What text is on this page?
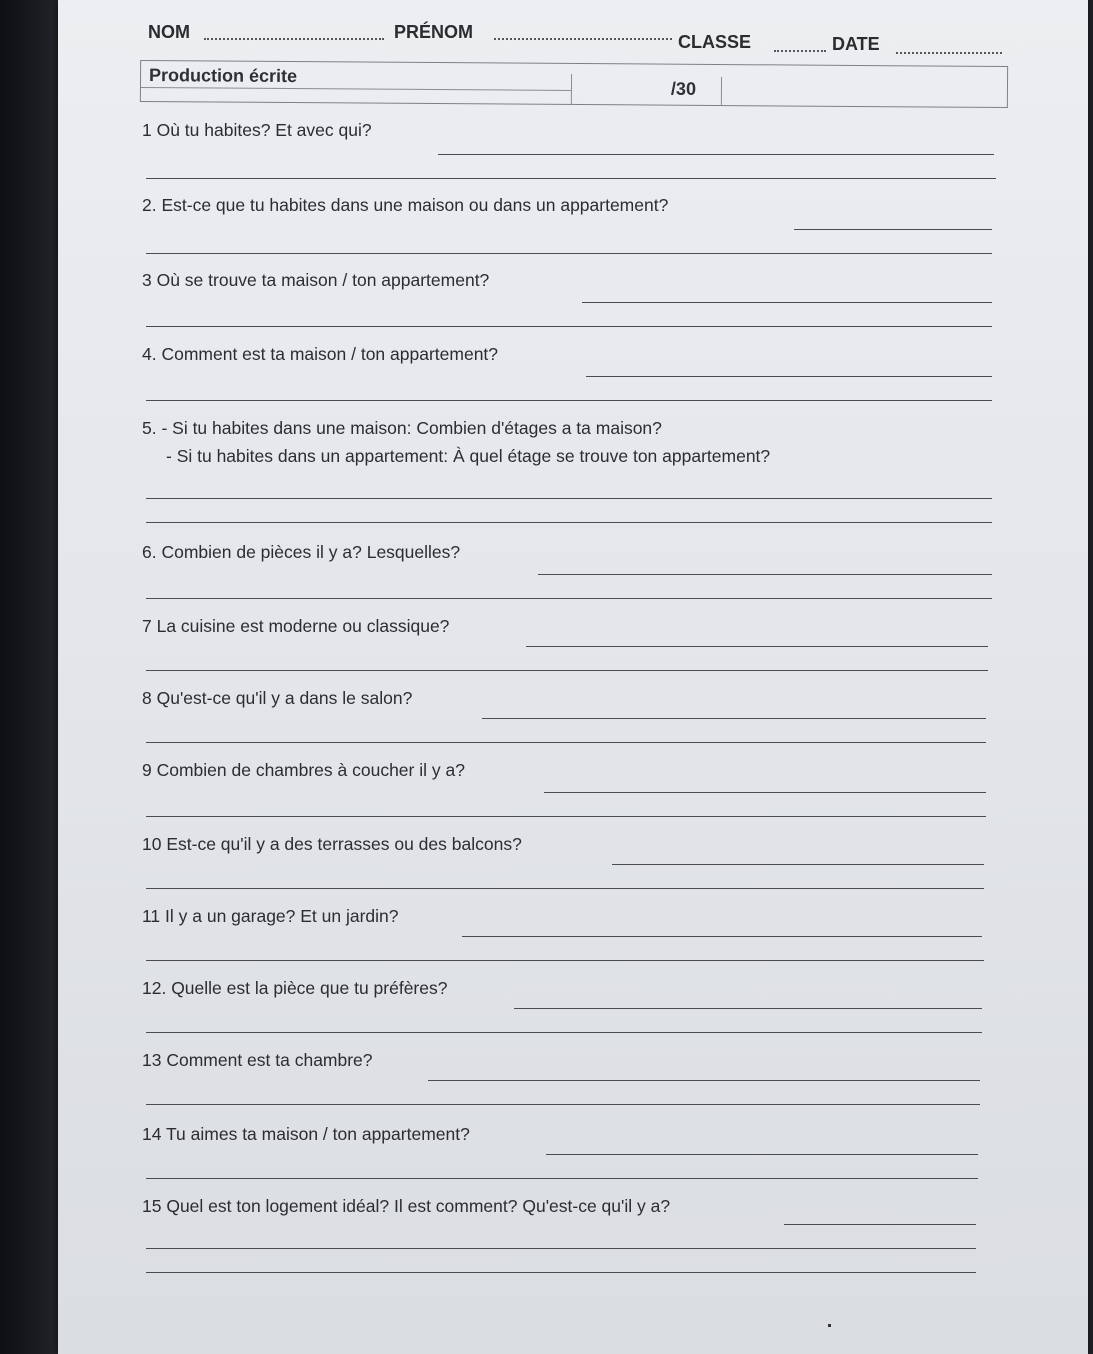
NOM	PRÉNOM	CLASSE	DATE
Production écrite
/30
1 Où tu habites? Et avec qui?
2. Est-ce que tu habites dans une maison ou dans un appartement?
3 Où se trouve ta maison / ton appartement?
4. Comment est ta maison / ton appartement?
5. - Si tu habites dans une maison: Combien d'étages a ta maison?
- Si tu habites dans un appartement: À quel étage se trouve ton appartement?
6. Combien de pièces il y a? Lesquelles?
7 La cuisine est moderne ou classique?
8 Qu'est-ce qu'il y a dans le salon?
9 Combien de chambres à coucher il y a?
10 Est-ce qu'il y a des terrasses ou des balcons?
11 Il y a un garage? Et un jardin?
12. Quelle est la pièce que tu préfères?
13 Comment est ta chambre?
14 Tu aimes ta maison / ton appartement?
15 Quel est ton logement idéal? Il est comment? Qu'est-ce qu'il y a?
